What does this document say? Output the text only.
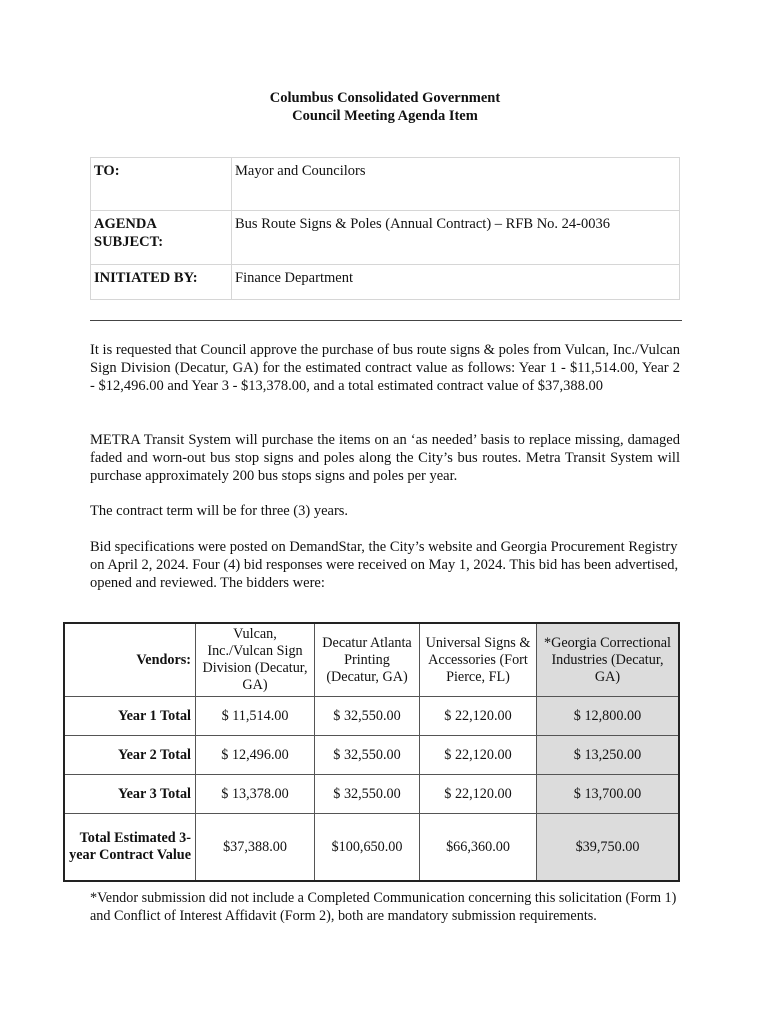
Columbus Consolidated Government
Council Meeting Agenda Item
TO:	Mayor and Councilors
AGENDA SUBJECT:	Bus Route Signs & Poles (Annual Contract) – RFB No. 24-0036
INITIATED BY:	Finance Department

It is requested that Council approve the purchase of bus route signs & poles from Vulcan, Inc./Vulcan Sign Division (Decatur, GA) for the estimated contract value as follows: Year 1 - $11,514.00, Year 2 - $12,496.00 and Year 3 - $13,378.00, and a total estimated contract value of $37,388.00

METRA Transit System will purchase the items on an ‘as needed’ basis to replace missing, damaged faded and worn-out bus stop signs and poles along the City’s bus routes. Metra Transit System will purchase approximately 200 bus stops signs and poles per year.

The contract term will be for three (3) years.

Bid specifications were posted on DemandStar, the City’s website and Georgia Procurement Registry on April 2, 2024. Four (4) bid responses were received on May 1, 2024. This bid has been advertised, opened and reviewed. The bidders were:

Vendors:	Vulcan, Inc./Vulcan Sign Division (Decatur, GA)	Decatur Atlanta Printing (Decatur, GA)	Universal Signs & Accessories (Fort Pierce, FL)	*Georgia Correctional Industries (Decatur, GA)
Year 1 Total	$ 11,514.00	$ 32,550.00	$ 22,120.00	$ 12,800.00
Year 2 Total	$ 12,496.00	$ 32,550.00	$ 22,120.00	$ 13,250.00
Year 3 Total	$ 13,378.00	$ 32,550.00	$ 22,120.00	$ 13,700.00
Total Estimated 3-year Contract Value	$37,388.00	$100,650.00	$66,360.00	$39,750.00

*Vendor submission did not include a Completed Communication concerning this solicitation (Form 1) and Conflict of Interest Affidavit (Form 2), both are mandatory submission requirements.
